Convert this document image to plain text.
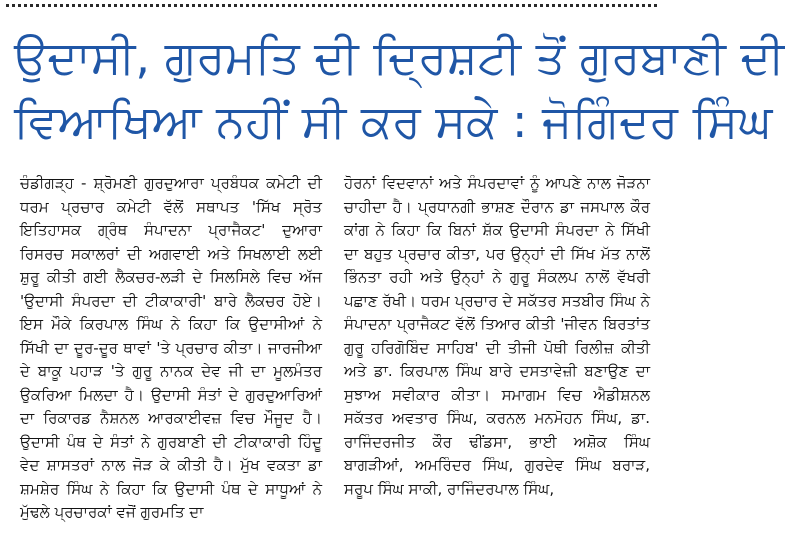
ਉਦਾਸੀ, ਗੁਰਮਤਿ ਦੀ ਦ੍ਰਿਸ਼ਟੀ ਤੋਂ ਗੁਰਬਾਣੀ ਦੀ
ਵਿਆਖਿਆ ਨਹੀਂ ਸੀ ਕਰ ਸਕੇ : ਜੋਗਿੰਦਰ ਸਿੰਘ

ਚੰਡੀਗੜ੍ਹ - ਸ਼੍ਰੋਮਣੀ ਗੁਰਦੁਆਰਾ ਪ੍ਰਬੰਧਕ ਕਮੇਟੀ ਦੀ ਧਰਮ ਪ੍ਰਚਾਰ ਕਮੇਟੀ ਵੱਲੋਂ ਸਥਾਪਤ 'ਸਿੱਖ ਸ੍ਰੋਤ ਇਤਿਹਾਸਕ ਗ੍ਰੰਥ ਸੰਪਾਦਨਾ ਪ੍ਰਾਜੈਕਟ' ਦੁਆਰਾ ਰਿਸਰਚ ਸਕਾਲਰਾਂ ਦੀ ਅਗਵਾਈ ਅਤੇ ਸਿਖਲਾਈ ਲਈ ਸ਼ੁਰੂ ਕੀਤੀ ਗਈ ਲੈਕਚਰ-ਲੜੀ ਦੇ ਸਿਲਸਿਲੇ ਵਿਚ ਅੱਜ 'ਉਦਾਸੀ ਸੰਪਰਦਾ ਦੀ ਟੀਕਾਕਾਰੀ' ਬਾਰੇ ਲੈਕਚਰ ਹੋਏ। ਇਸ ਮੌਕੇ ਕਿਰਪਾਲ ਸਿੰਘ ਨੇ ਕਿਹਾ ਕਿ ਉਦਾਸੀਆਂ ਨੇ ਸਿੱਖੀ ਦਾ ਦੂਰ-ਦੂਰ ਥਾਵਾਂ 'ਤੇ ਪ੍ਰਚਾਰ ਕੀਤਾ। ਜਾਰਜੀਆ ਦੇ ਬਾਕੂ ਪਹਾੜ 'ਤੇ ਗੁਰੂ ਨਾਨਕ ਦੇਵ ਜੀ ਦਾ ਮੂਲਮੰਤਰ ਉਕਰਿਆ ਮਿਲਦਾ ਹੈ। ਉਦਾਸੀ ਸੰਤਾਂ ਦੇ ਗੁਰਦੁਆਰਿਆਂ ਦਾ ਰਿਕਾਰਡ ਨੈਸ਼ਨਲ ਆਰਕਾਈਵਜ਼ ਵਿਚ ਮੌਜੂਦ ਹੈ। ਉਦਾਸੀ ਪੰਥ ਦੇ ਸੰਤਾਂ ਨੇ ਗੁਰਬਾਣੀ ਦੀ ਟੀਕਾਕਾਰੀ ਹਿੰਦੂ ਵੇਦ ਸ਼ਾਸਤਰਾਂ ਨਾਲ ਜੋੜ ਕੇ ਕੀਤੀ ਹੈ। ਮੁੱਖ ਵਕਤਾ ਡਾ ਸ਼ਮਸ਼ੇਰ ਸਿੰਘ ਨੇ ਕਿਹਾ ਕਿ ਉਦਾਸੀ ਪੰਥ ਦੇ ਸਾਧੂਆਂ ਨੇ ਮੁੱਢਲੇ ਪ੍ਰਚਾਰਕਾਂ ਵਜੋਂ ਗੁਰਮਤਿ ਦਾ

ਹੋਰਨਾਂ ਵਿਦਵਾਨਾਂ ਅਤੇ ਸੰਪਰਦਾਵਾਂ ਨੂੰ ਆਪਣੇ ਨਾਲ ਜੋੜਨਾ ਚਾਹੀਦਾ ਹੈ। ਪ੍ਰਧਾਨਗੀ ਭਾਸ਼ਣ ਦੌਰਾਨ ਡਾ ਜਸਪਾਲ ਕੌਰ ਕਾਂਗ ਨੇ ਕਿਹਾ ਕਿ ਬਿਨਾਂ ਸ਼ੱਕ ਉਦਾਸੀ ਸੰਪਰਦਾ ਨੇ ਸਿੱਖੀ ਦਾ ਬਹੁਤ ਪ੍ਰਚਾਰ ਕੀਤਾ, ਪਰ ਉਨ੍ਹਾਂ ਦੀ ਸਿੱਖ ਮੱਤ ਨਾਲੋਂ ਭਿੰਨਤਾ ਰਹੀ ਅਤੇ ਉਨ੍ਹਾਂ ਨੇ ਗੁਰੂ ਸੰਕਲਪ ਨਾਲੋਂ ਵੱਖਰੀ ਪਛਾਣ ਰੱਖੀ। ਧਰਮ ਪ੍ਰਚਾਰ ਦੇ ਸਕੱਤਰ ਸਤਬੀਰ ਸਿੰਘ ਨੇ ਸੰਪਾਦਨਾ ਪ੍ਰਾਜੈਕਟ ਵੱਲੋਂ ਤਿਆਰ ਕੀਤੀ 'ਜੀਵਨ ਬਿਰਤਾਂਤ ਗੁਰੂ ਹਰਿਗੋਬਿੰਦ ਸਾਹਿਬ' ਦੀ ਤੀਜੀ ਪੋਥੀ ਰਿਲੀਜ਼ ਕੀਤੀ ਅਤੇ ਡਾ. ਕਿਰਪਾਲ ਸਿੰਘ ਬਾਰੇ ਦਸਤਾਵੇਜ਼ੀ ਬਣਾਉਣ ਦਾ ਸੁਝਾਅ ਸਵੀਕਾਰ ਕੀਤਾ। ਸਮਾਗਮ ਵਿਚ ਐਡੀਸ਼ਨਲ ਸਕੱਤਰ ਅਵਤਾਰ ਸਿੰਘ, ਕਰਨਲ ਮਨਮੋਹਨ ਸਿੰਘ, ਡਾ. ਰਾਜਿੰਦਰਜੀਤ ਕੌਰ ਢੀਂਡਸਾ, ਭਾਈ ਅਸ਼ੋਕ ਸਿੰਘ ਬਾਗੜੀਆਂ, ਅਮਰਿੰਦਰ ਸਿੰਘ, ਗੁਰਦੇਵ ਸਿੰਘ ਬਰਾੜ, ਸਰੂਪ ਸਿੰਘ ਸਾਕੀ, ਰਾਜਿੰਦਰਪਾਲ ਸਿੰਘ,
